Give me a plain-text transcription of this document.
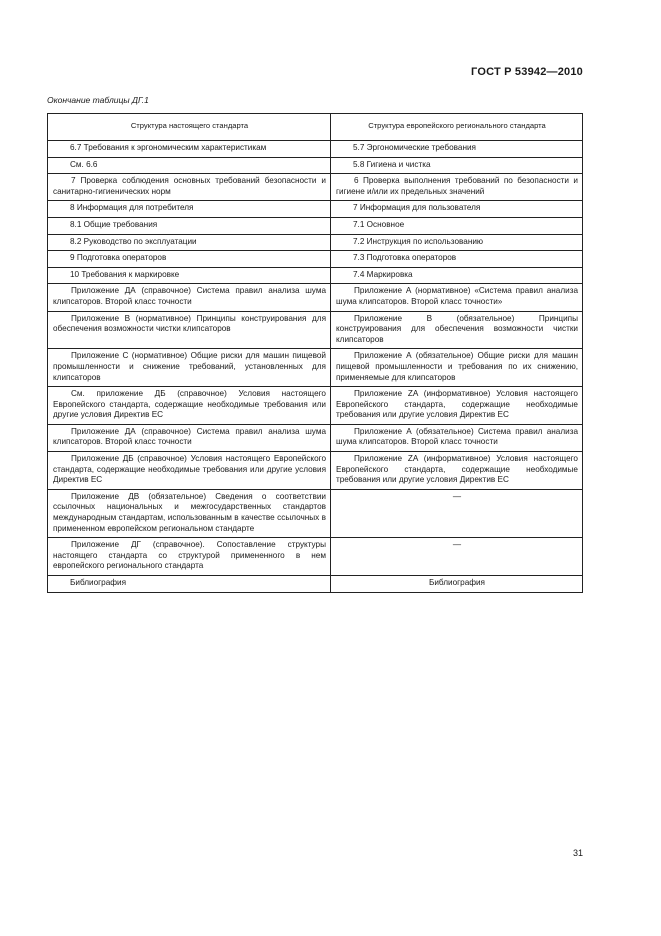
ГОСТ Р 53942—2010
Окончание таблицы ДГ.1
Структура настоящего стандарта	Структура европейского регионального стандарта
6.7 Требования к эргономическим характеристикам	5.7 Эргономические требования
См. 6.6	5.8 Гигиена и чистка

7 Проверка соблюдения основных требований безопасности и санитарно-гигиенических норм	6 Проверка выполнения требований по безопасности и гигиене и/или их предельных значений

8 Информация для потребителя	7 Информация для пользователя
8.1 Общие требования	7.1 Основное
8.2 Руководство по эксплуатации	7.2 Инструкция по использованию
9 Подготовка операторов	7.3 Подготовка операторов
10 Требования к маркировке	7.4 Маркировка

Приложение ДА (справочное) Система правил анализа шума клипсаторов. Второй класс точности	Приложение А (нормативное) «Система правил анализа шума клипсаторов. Второй класс точности»

Приложение В (нормативное) Принципы конструирования для обеспечения возможности чистки клипсаторов	Приложение В (обязательное) Принципы конструирования для обеспечения возможности чистки клипсаторов

Приложение С (нормативное) Общие риски для машин пищевой промышленности и снижение требований, установленных для клипсаторов	Приложение А (обязательное) Общие риски для машин пищевой промышленности и требования по их снижению, применяемые для клипсаторов

См. приложение ДБ (справочное) Условия настоящего Европейского стандарта, содержащие необходимые требования или другие условия Директив ЕС	Приложение ZA (информативное) Условия настоящего Европейского стандарта, содержащие необходимые требования или другие условия Директив ЕС

Приложение ДА (справочное) Система правил анализа шума клипсаторов. Второй класс точности	Приложение А (обязательное) Система правил анализа шума клипсаторов. Второй класс точности

Приложение ДБ (справочное) Условия настоящего Европейского стандарта, содержащие необходимые требования или другие условия Директив ЕС	Приложение ZA (информативное) Условия настоящего Европейского стандарта, содержащие необходимые требования или другие условия Директив ЕС

Приложение ДВ (обязательное) Сведения о соответствии ссылочных национальных и межгосударственных стандартов международным стандартам, использованным в качестве ссылочных в примененном европейском региональном стандарте	—

Приложение ДГ (справочное). Сопоставление структуры настоящего стандарта со структурой примененного в нем европейского регионального стандарта	—
Библиография	Библиография
31
